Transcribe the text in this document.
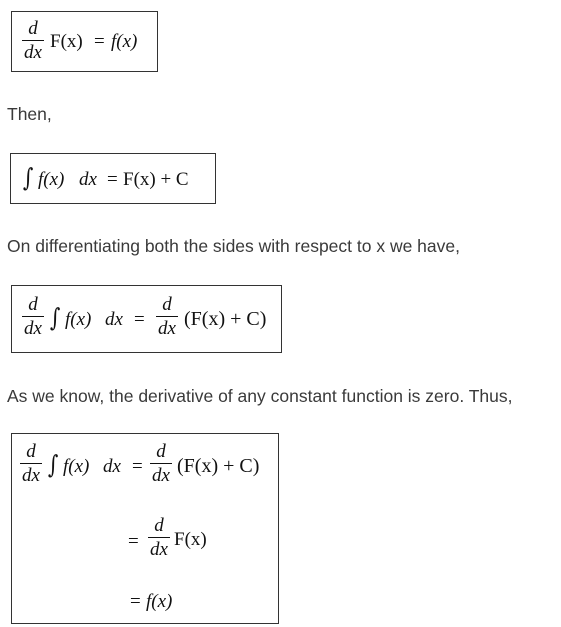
d
dx
F(x) = f(x)
Then,
∫ f(x) dx = F(x) + C
On differentiating both the sides with respect to x we have,
d
dx ∫ f(x) dx =
d
dx (F(x) + C)
As we know, the derivative of any constant function is zero. Thus,
d
dx ∫ f(x) dx =
d
dx (F(x) + C)
=
d
dx F(x)
= f(x)
